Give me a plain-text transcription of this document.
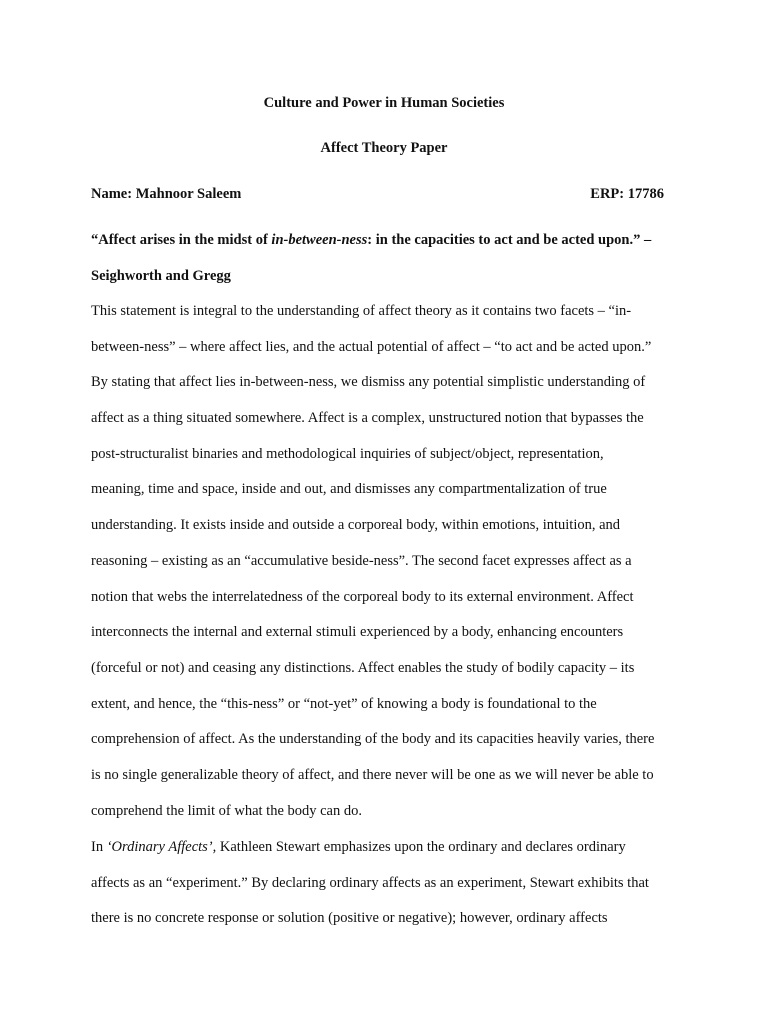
Culture and Power in Human Societies
Affect Theory Paper
Name: Mahnoor Saleem	ERP: 17786
“Affect arises in the midst of in-between-ness: in the capacities to act and be acted upon.” –
Seighworth and Gregg
This statement is integral to the understanding of affect theory as it contains two facets – “in-
between-ness” – where affect lies, and the actual potential of affect – “to act and be acted upon.”
By stating that affect lies in-between-ness, we dismiss any potential simplistic understanding of
affect as a thing situated somewhere. Affect is a complex, unstructured notion that bypasses the
post-structuralist binaries and methodological inquiries of subject/object, representation,
meaning, time and space, inside and out, and dismisses any compartmentalization of true
understanding. It exists inside and outside a corporeal body, within emotions, intuition, and
reasoning – existing as an “accumulative beside-ness”. The second facet expresses affect as a
notion that webs the interrelatedness of the corporeal body to its external environment. Affect
interconnects the internal and external stimuli experienced by a body, enhancing encounters
(forceful or not) and ceasing any distinctions. Affect enables the study of bodily capacity – its
extent, and hence, the “this-ness” or “not-yet” of knowing a body is foundational to the
comprehension of affect. As the understanding of the body and its capacities heavily varies, there
is no single generalizable theory of affect, and there never will be one as we will never be able to
comprehend the limit of what the body can do.
In ‘Ordinary Affects’, Kathleen Stewart emphasizes upon the ordinary and declares ordinary
affects as an “experiment.” By declaring ordinary affects as an experiment, Stewart exhibits that
there is no concrete response or solution (positive or negative); however, ordinary affects
